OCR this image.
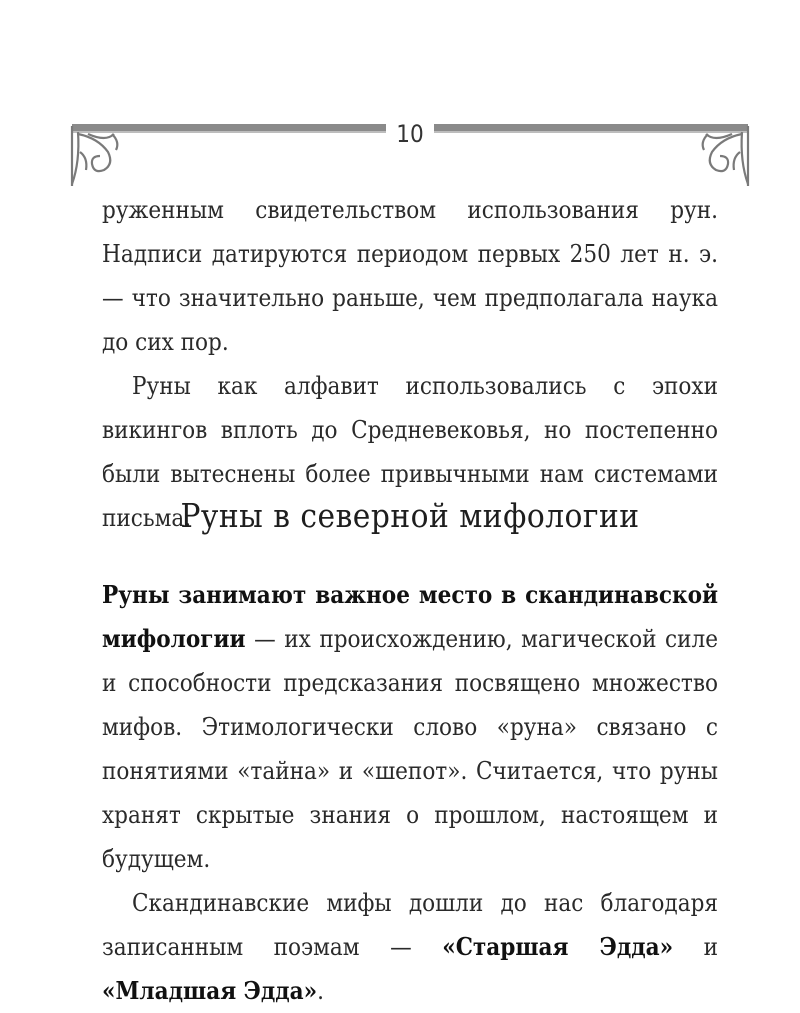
10

руженным свидетельством использования рун. Надписи датируются периодом первых 250 лет н. э. — что значительно раньше, чем предполагала наука до сих пор.

Руны как алфавит использовались с эпохи викингов вплоть до Средневековья, но постепенно были вытеснены более привычными нам системами письма.

Руны в северной мифологии

Руны занимают важное место в скандинавской мифологии — их происхождению, магической силе и способности предсказания посвящено множество мифов. Этимологически слово «руна» связано с понятиями «тайна» и «шепот». Считается, что руны хранят скрытые знания о прошлом, настоящем и будущем.

Скандинавские мифы дошли до нас благодаря записанным поэмам — «Старшая Эдда» и «Младшая Эдда».
